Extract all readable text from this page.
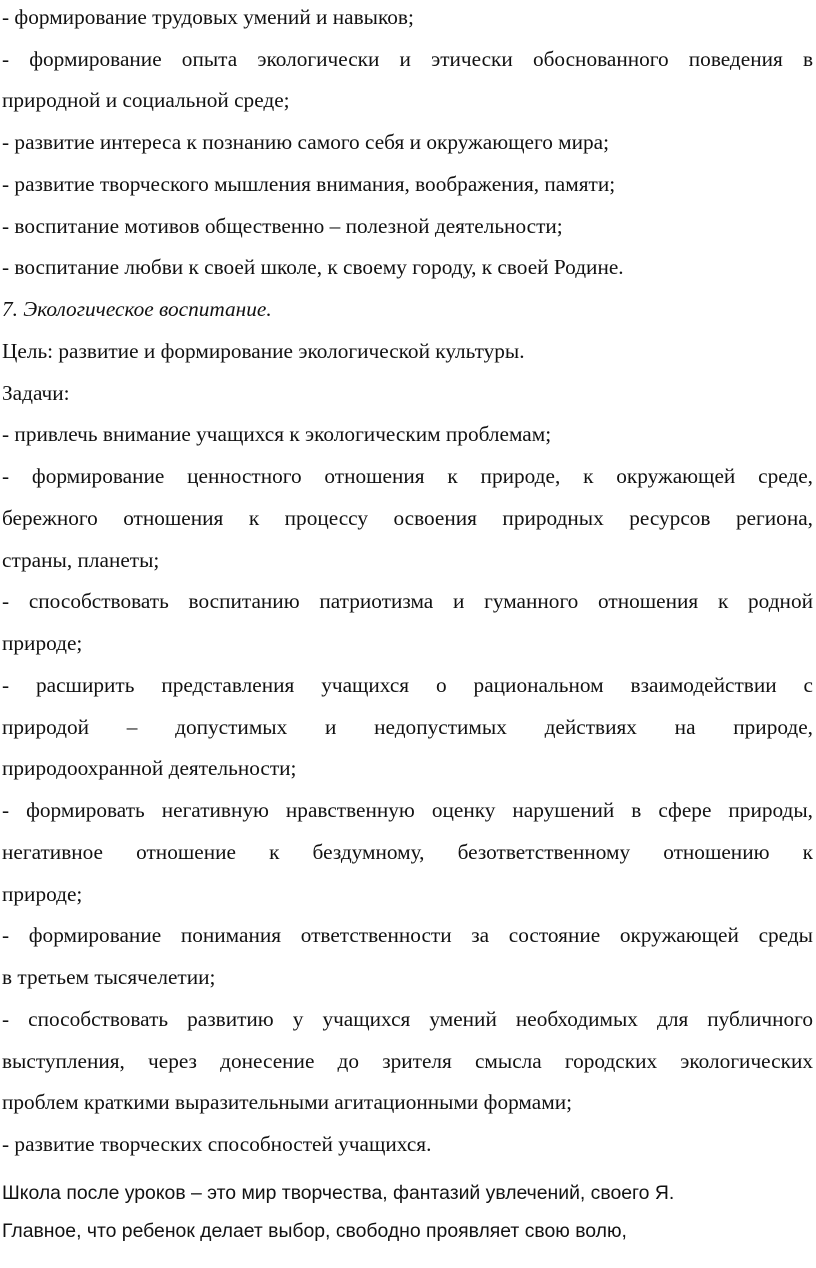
- формирование трудовых умений и навыков;
- формирование опыта экологически и этически обоснованного поведения в
природной и социальной среде;
- развитие интереса к познанию самого себя и окружающего мира;
- развитие творческого мышления внимания, воображения, памяти;
- воспитание мотивов общественно – полезной деятельности;
- воспитание любви к своей школе, к своему городу, к своей Родине.
7. Экологическое воспитание.
Цель: развитие и формирование экологической культуры.
Задачи:
- привлечь внимание учащихся к экологическим проблемам;
- формирование ценностного отношения к природе, к окружающей среде,
бережного отношения к процессу освоения природных ресурсов региона,
страны, планеты;
- способствовать воспитанию патриотизма и гуманного отношения к родной
природе;
- расширить представления учащихся о рациональном взаимодействии с
природой – допустимых и недопустимых действиях на природе,
природоохранной деятельности;
- формировать негативную нравственную оценку нарушений в сфере природы,
негативное отношение к бездумному, безответственному отношению к
природе;
- формирование понимания ответственности за состояние окружающей среды
в третьем тысячелетии;
- способствовать развитию у учащихся умений необходимых для публичного
выступления, через донесение до зрителя смысла городских экологических
проблем краткими выразительными агитационными формами;
- развитие творческих способностей учащихся.
Школа после уроков – это мир творчества, фантазий увлечений, своего Я.
Главное, что ребенок делает выбор, свободно проявляет свою волю,
